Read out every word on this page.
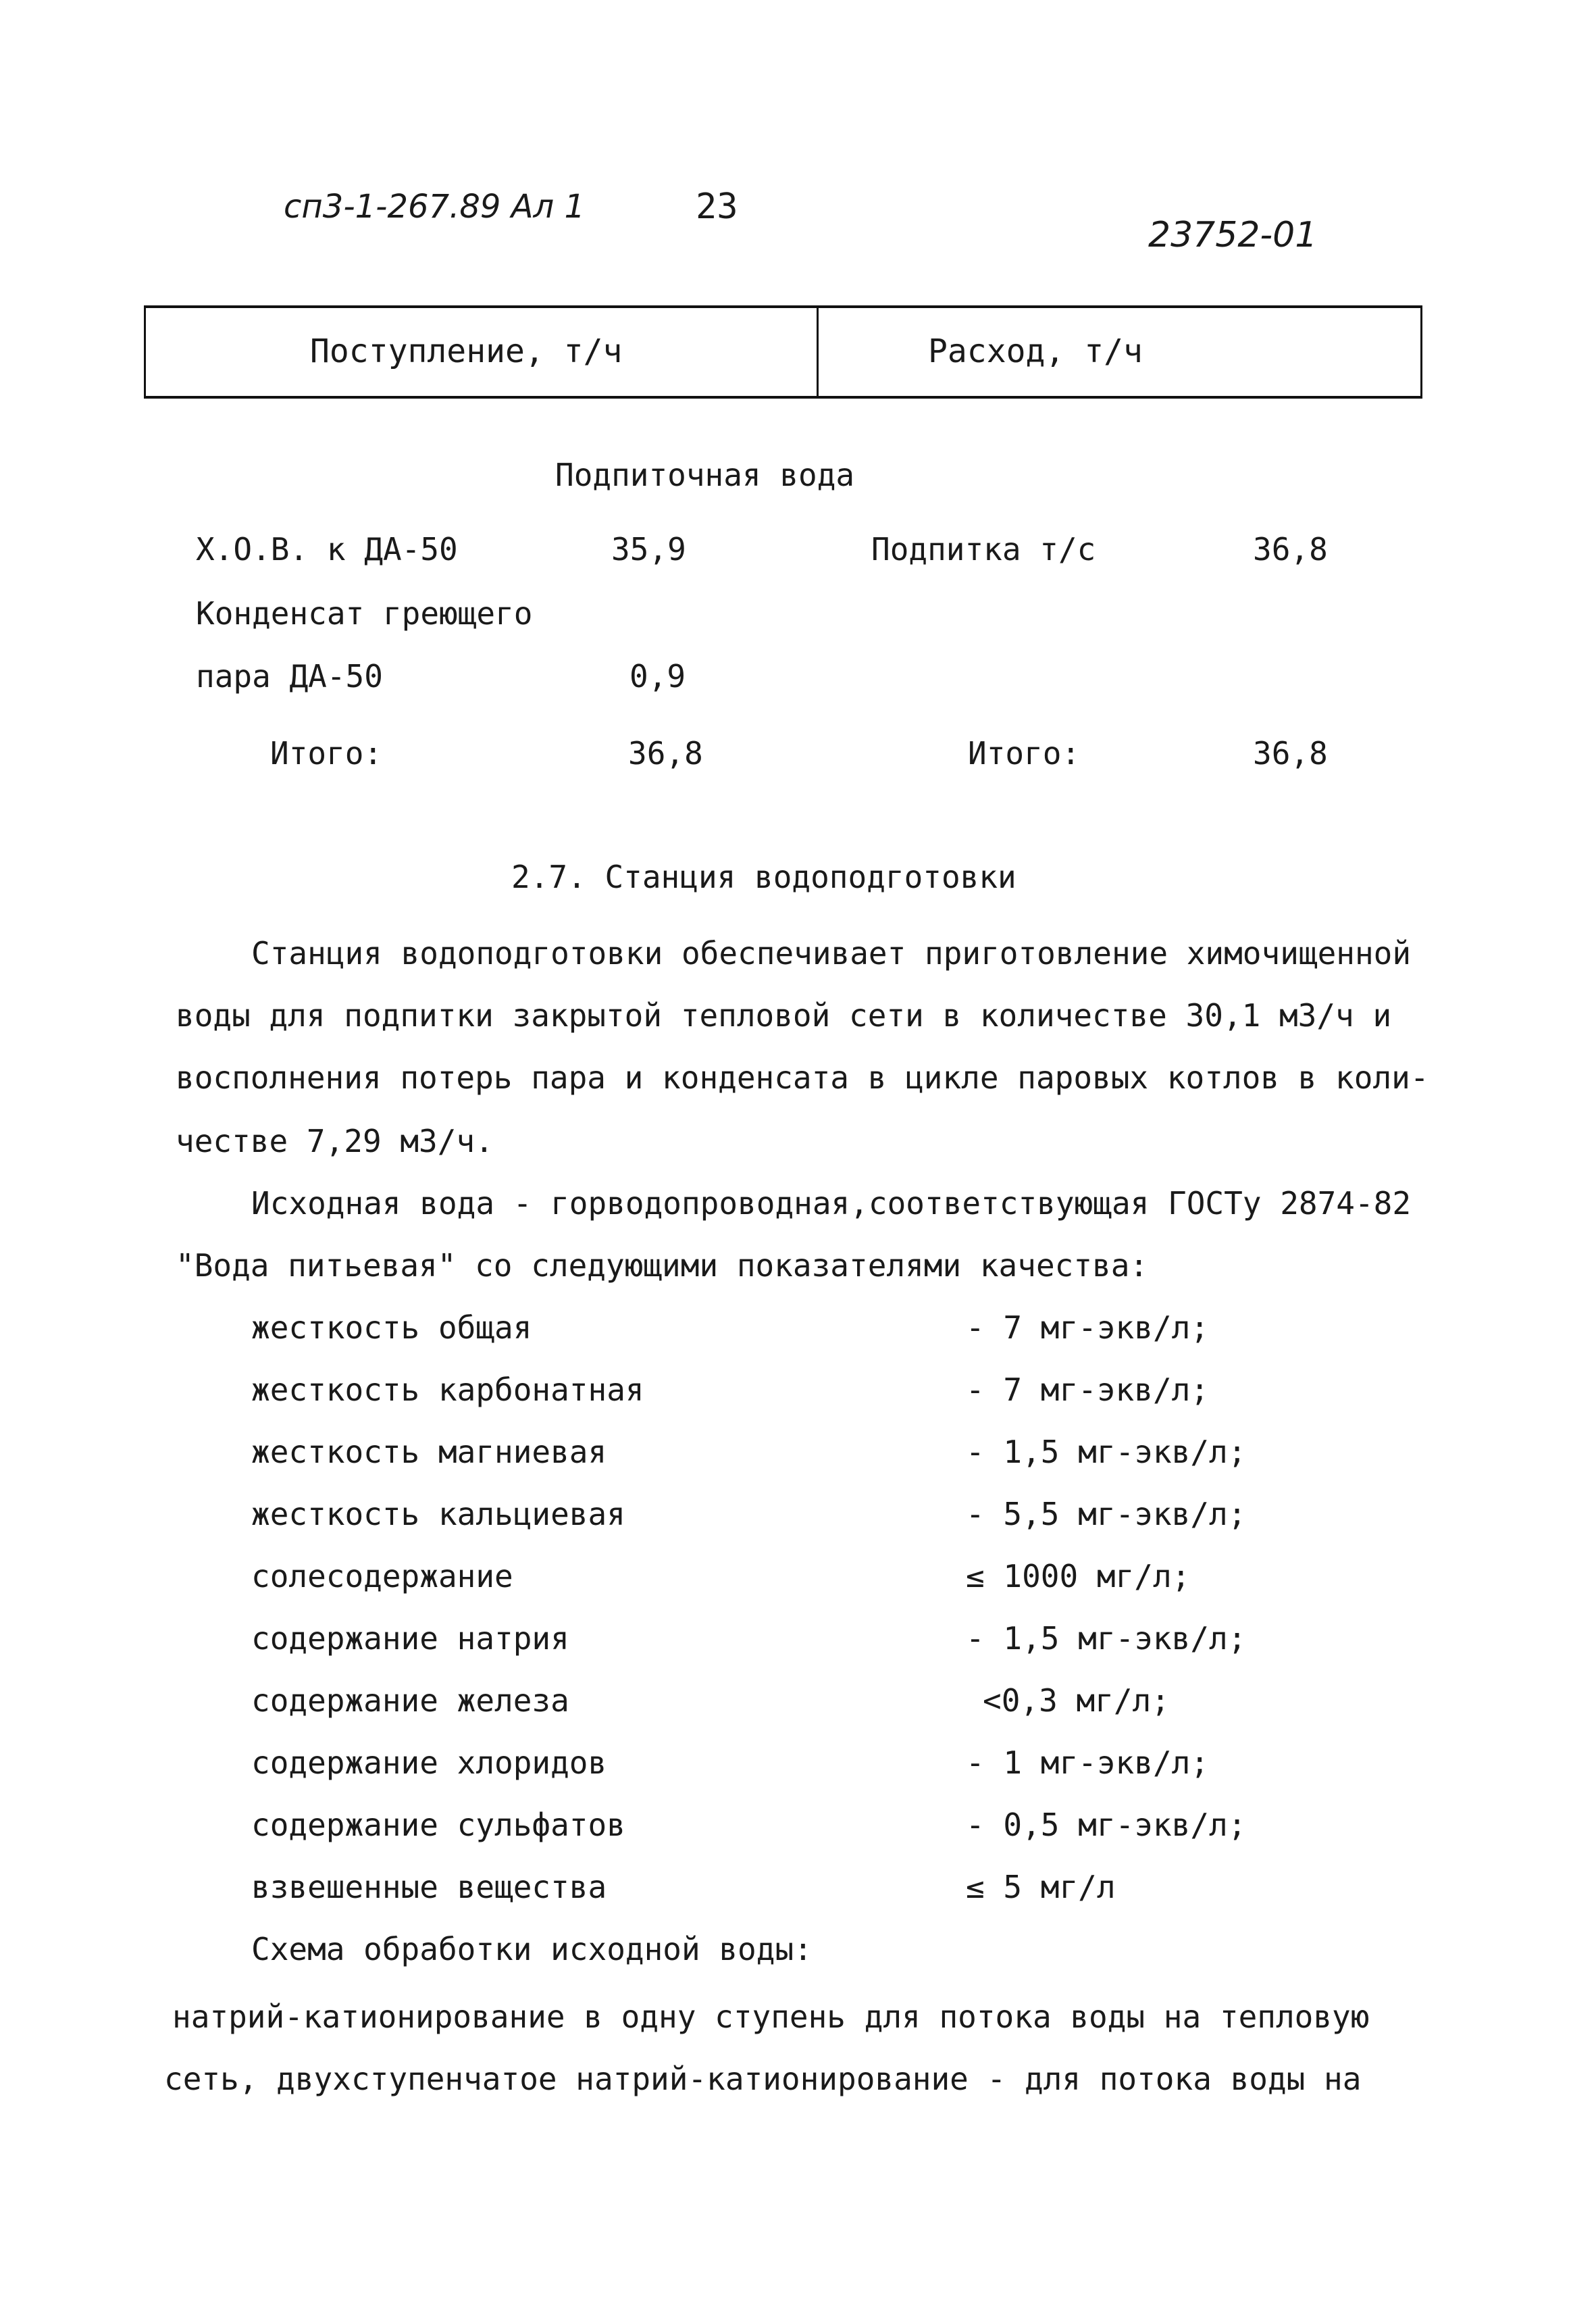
сп3-1-267.89 Ал 1	23
23752-01
Поступление, т/ч	Расход, т/ч
Подпиточная вода
Х.О.В. к ДА-50	35,9	Подпитка т/с	36,8
Конденсат греющего
пара ДА-50	0,9
Итого:	36,8	Итого:	36,8
2.7. Станция водоподготовки
Станция водоподготовки обеспечивает приготовление химочищенной
воды для подпитки закрытой тепловой сети в количестве 30,1 м3/ч и
восполнения потерь пара и конденсата в цикле паровых котлов в коли-
честве 7,29 м3/ч.
Исходная вода - горводопроводная,соответствующая ГОСТу 2874-82
"Вода питьевая" со следующими показателями качества:
жесткость общая	- 7 мг-экв/л;
жесткость карбонатная	- 7 мг-экв/л;
жесткость магниевая	- 1,5 мг-экв/л;
жесткость кальциевая	- 5,5 мг-экв/л;
солесодержание	≤ 1000 мг/л;
содержание натрия	- 1,5 мг-экв/л;
содержание железа	<0,3 мг/л;
содержание хлоридов	- 1 мг-экв/л;
содержание сульфатов	- 0,5 мг-экв/л;
взвешенные вещества	≤ 5 мг/л
Схема обработки исходной воды:
натрий-катионирование в одну ступень для потока воды на тепловую
сеть, двухступенчатое натрий-катионирование - для потока воды на
